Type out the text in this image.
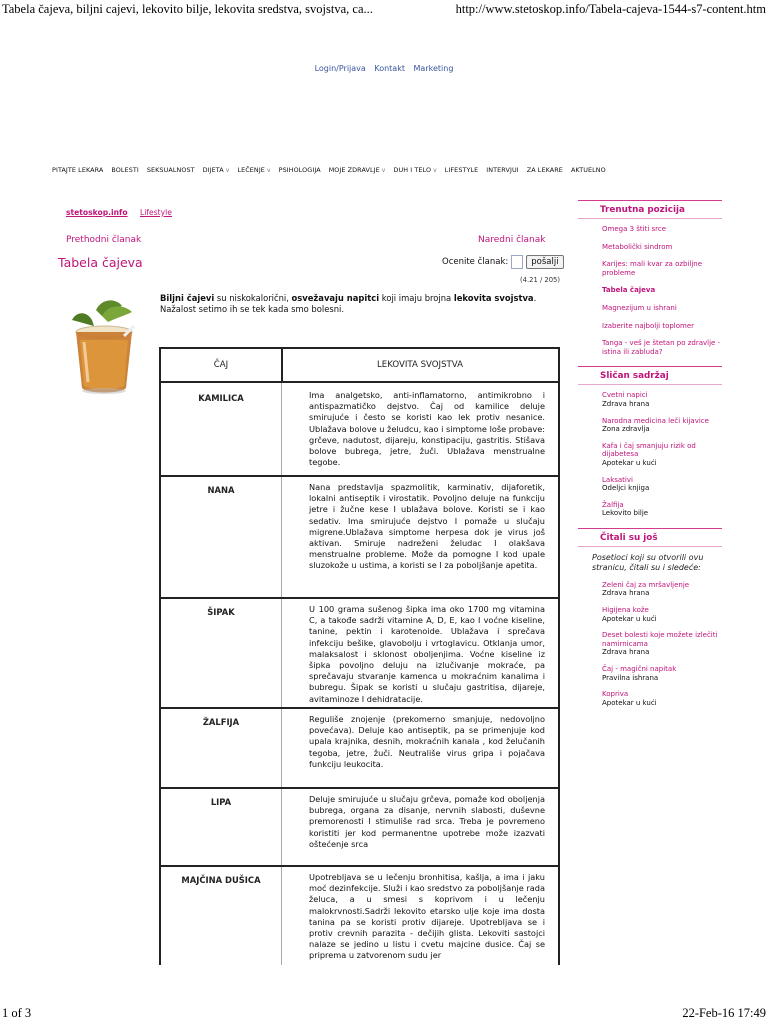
Tabela čajeva, biljni cajevi, lekovito bilje, lekovita sredstva, svojstva, ca...	http://www.stetoskop.info/Tabela-cajeva-1544-s7-content.htm
Login/Prijava Kontakt Marketing
PITAJTE LEKARA	BOLESTI	SEKSUALNOST	DIJETA v	LEČENJE v	PSIHOLOGIJA	MOJE ZDRAVLJE v	DUH I TELO v	LIFESTYLE	INTERVJUI	ZA LEKARE	AKTUELNO
stetoskop.info Lifestyle
Prethodni članak	Naredni članak
Tabela čajeva	Ocenite članak:	pošalji
(4.21 / 205)
Biljni čajevi su niskokalorični, osvežavaju napitci koji imaju brojna lekovita svojstva. Nažalost setimo ih se tek kada smo bolesni.
ČAJ	LEKOVITA SVOJSTVA
KAMILICA	Ima analgetsko, anti-inflamatorno, antimikrobno i antispazmatičko dejstvo. Čaj od kamilice deluje smirujuće i često se koristi kao lek protiv nesanice. Ublažava bolove u želudcu, kao i simptome loše probave: grčeve, nadutost, dijareju, konstipaciju, gastritis. Stišava bolove bubrega, jetre, žuči. Ublažava menstrualne tegobe.
NANA	Nana predstavlja spazmolitik, karminativ, dijaforetik, lokalni antiseptik i virostatik. Povoljno deluje na funkciju jetre i žučne kese I ublažava bolove. Koristi se i kao sedativ. Ima smirujuće dejstvo I pomaže u slučaju migrene.Ublažava simptome herpesa dok je virus još aktivan. Smiruje nadreženi želudac I olakšava menstrualne probleme. Može da pomogne I kod upale sluzokože u ustima, a koristi se I za poboljšanje apetita.
ŠIPAK	U 100 grama sušenog šipka ima oko 1700 mg vitamina C, a takođe sadrži vitamine A, D, E, kao I voćne kiseline, tanine, pektin i karotenoide. Ublažava i sprečava infekciju bešike, glavobolju i vrtoglavicu. Otklanja umor, malaksalost i sklonost oboljenjima. Voćne kiseline iz šipka povoljno deluju na izlučivanje mokraće, pa sprečavaju stvaranje kamenca u mokraćnim kanalima i bubregu. Šipak se koristi u slučaju gastritisa, dijareje, avitaminoze I dehidratacije.
ŽALFIJA	Reguliše znojenje (prekomerno smanjuje, nedovoljno povećava). Deluje kao antiseptik, pa se primenjuje kod upala krajnika, desnih, mokraćnih kanala , kod želučanih tegoba, jetre, žuči. Neutrališe virus gripa i pojačava funkciju leukocita.
LIPA	Deluje smirujuće u slučaju grčeva, pomaže kod oboljenja bubrega, organa za disanje, nervnih slabosti, duševne premorenosti I stimuliše rad srca. Treba je povremeno koristiti jer kod permanentne upotrebe može izazvati oštećenje srca
MAJČINA DUŠICA	Upotrebljava se u lečenju bronhitisa, kašlja, a ima i jaku moć dezinfekcije. Služi i kao sredstvo za poboljšanje rada želuca, a u smesi s koprivom i u lečenju malokrvnosti.Sadrži lekovito etarsko ulje koje ima dosta tanina pa se koristi protiv dijareje. Upotrebljava se i protiv crevnih parazita - dečijih glista. Lekoviti sastojci nalaze se jedino u listu i cvetu majcine dusice. Čaj se priprema u zatvorenom sudu jer
Trenutna pozicija
Omega 3 štiti srce
Metabolički sindrom
Karijes: mali kvar za ozbiljne probleme
Tabela čajeva
Magnezijum u ishrani
Izaberite najbolji toplomer
Tanga - veš je štetan po zdravlje - istina ili zabluda?
Sličan sadržaj
Cvetni napici
Zdrava hrana
Narodna medicina leči kijavice
Zona zdravlja
Kafa i čaj smanjuju rizik od dijabetesa
Apotekar u kući
Laksativi
Odeljci knjiga
Žalfija
Lekovito bilje
Čitali su još
Posetioci koji su otvorili ovu stranicu, čitali su i sledeće:
Zeleni čaj za mršavljenje
Zdrava hrana
Higijena kože
Apotekar u kući
Deset bolesti koje možete izlečiti namirnicama
Zdrava hrana
Čaj - magični napitak
Pravilna ishrana
Kopriva
Apotekar u kući
1 of 3	22-Feb-16 17:49
